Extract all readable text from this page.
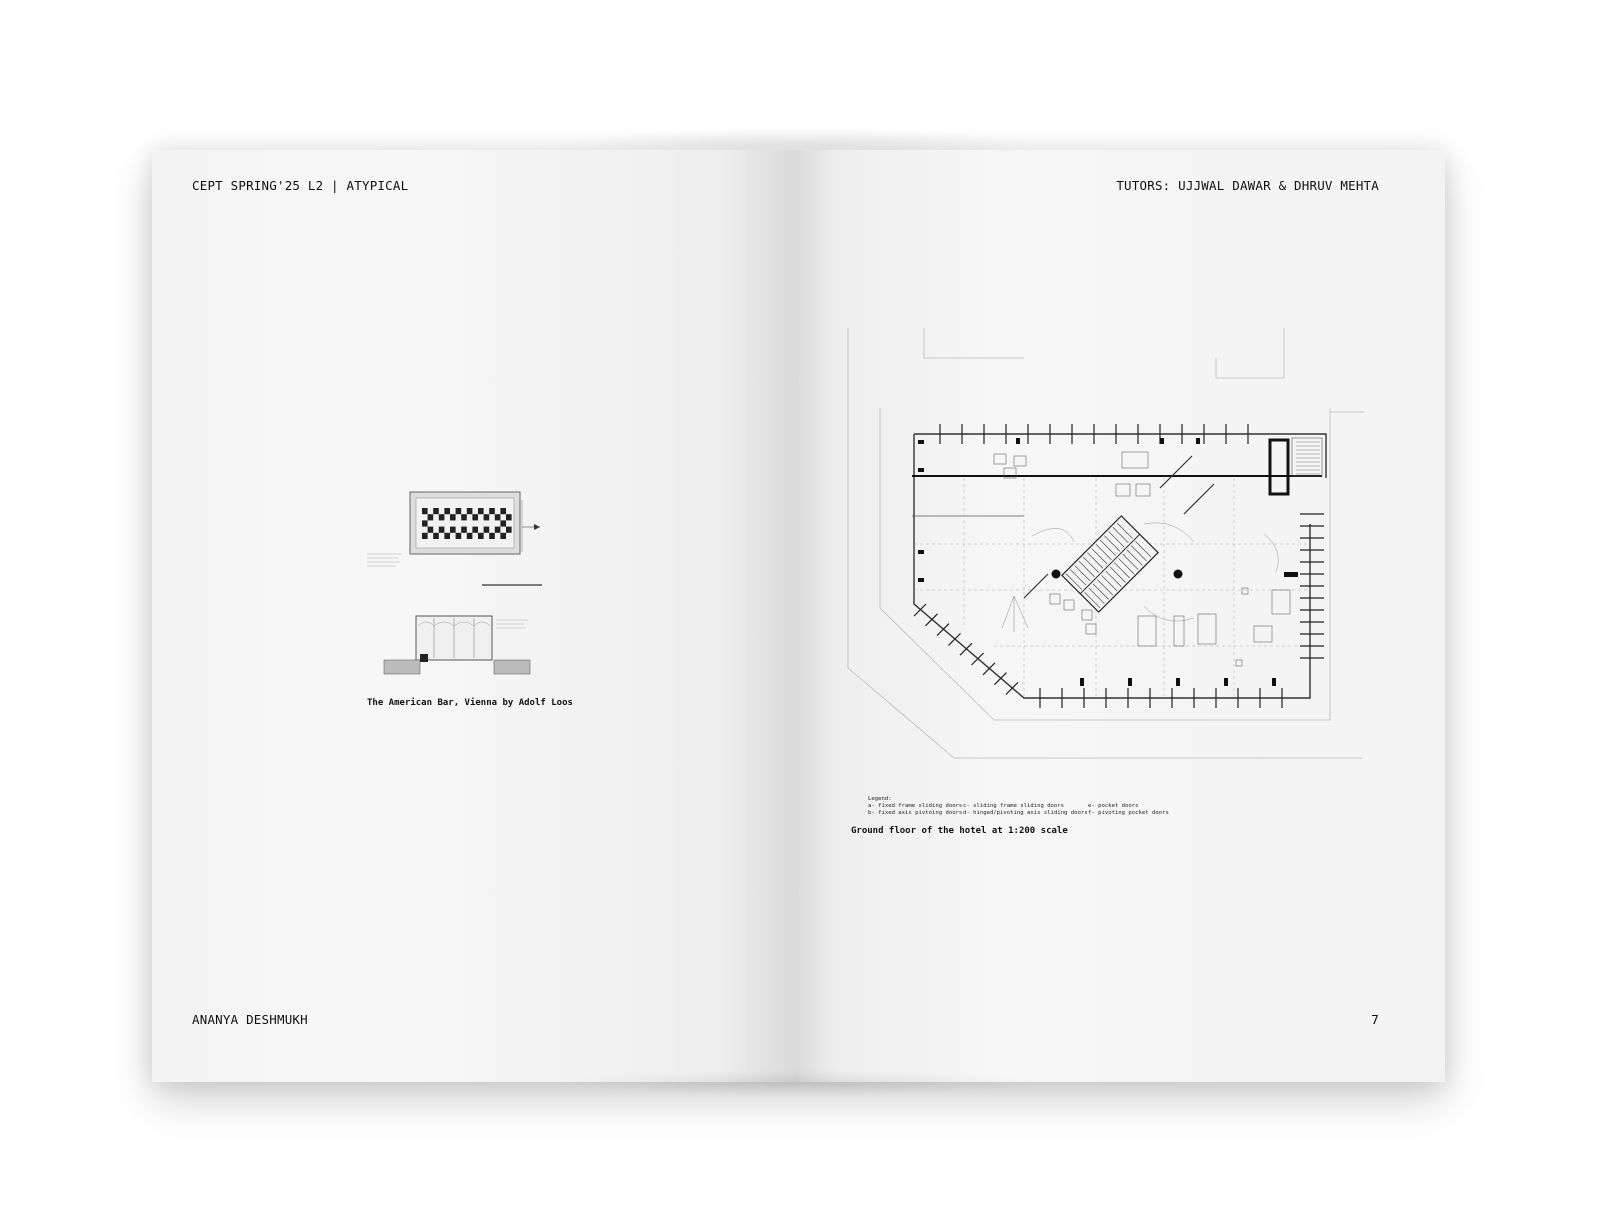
CEPT SPRING'25 L2 | ATYPICAL
The American Bar, Vienna by Adolf Loos
ANANYA DESHMUKH
TUTORS: UJJWAL DAWAR & DHRUV MEHTA
Legend:
a- fixed frame sliding doors
b- fixed axis pivtoing doors
c- sliding frame sliding doors
d- hinged/pivoting axis sliding doors
e- pocket doors
f- pivoting pocket doors
Ground floor of the hotel at 1:200 scale
7
